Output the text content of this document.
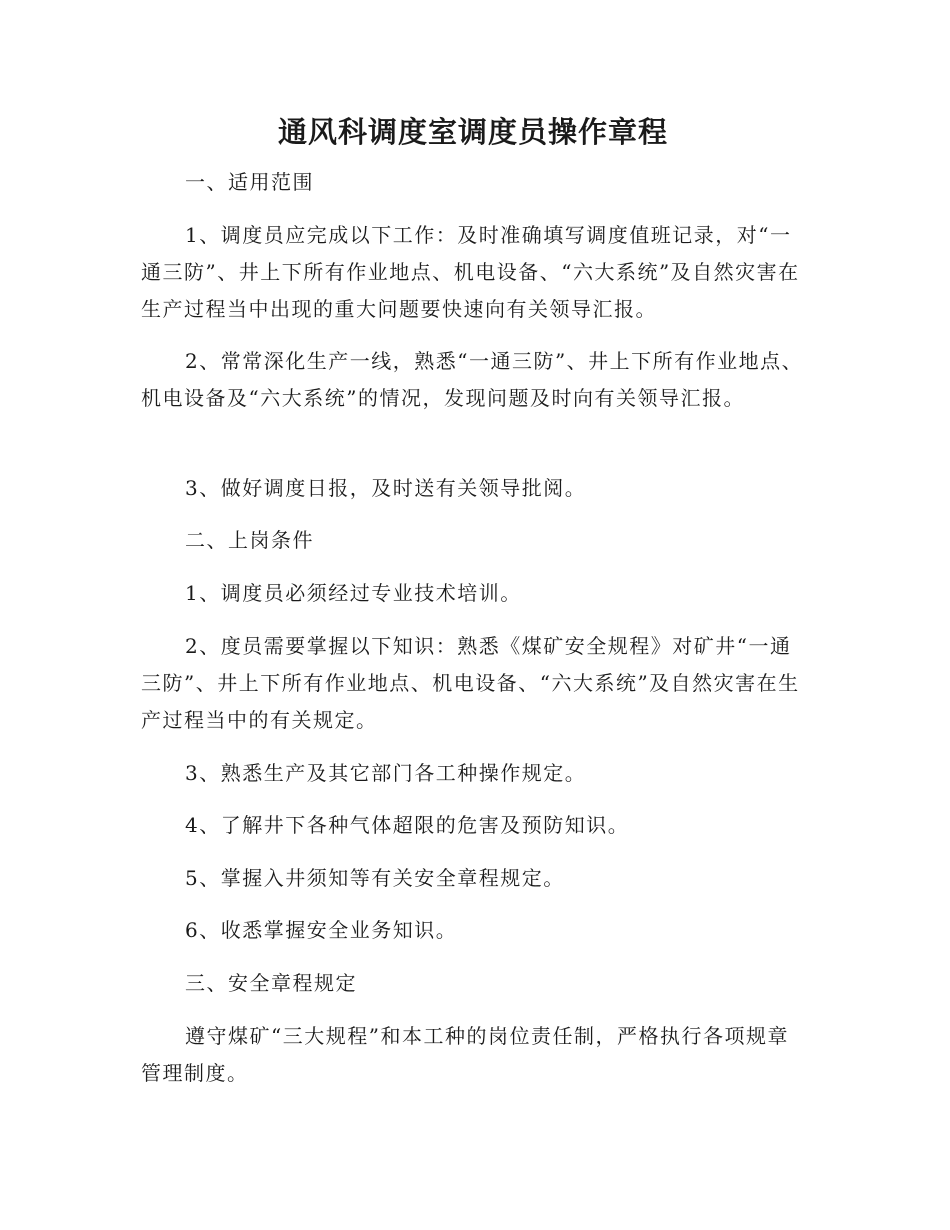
通风科调度室调度员操作章程

一、适用范围

1、调度员应完成以下工作：及时准确填写调度值班记录，对“一通三防”、井上下所有作业地点、机电设备、“六大系统”及自然灾害在生产过程当中出现的重大问题要快速向有关领导汇报。

2、常常深化生产一线，熟悉“一通三防”、井上下所有作业地点、机电设备及“六大系统”的情况，发现问题及时向有关领导汇报。

3、做好调度日报，及时送有关领导批阅。

二、上岗条件

1、调度员必须经过专业技术培训。

2、度员需要掌握以下知识：熟悉《煤矿安全规程》对矿井“一通三防”、井上下所有作业地点、机电设备、“六大系统”及自然灾害在生产过程当中的有关规定。

3、熟悉生产及其它部门各工种操作规定。

4、了解井下各种气体超限的危害及预防知识。

5、掌握入井须知等有关安全章程规定。

6、收悉掌握安全业务知识。

三、安全章程规定

遵守煤矿“三大规程”和本工种的岗位责任制，严格执行各项规章管理制度。
